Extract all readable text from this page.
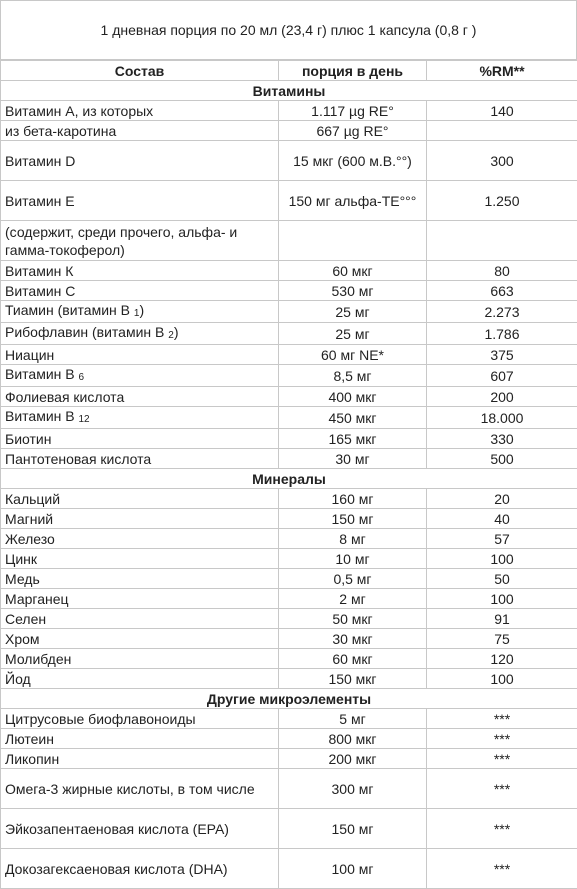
1 дневная порция по 20 мл (23,4 г) плюс 1 капсула (0,8 г )
Состав	порция в день	%RM**
Витамины		
Витамин А, из которых	1.117 µg RE°	140
из бета-каротина	667 µg RE°	
Витамин D	15 мкг (600 м.В.°°)	300
Витамин Е	150 мг альфа-TE°°°	1.250
(содержит, среди прочего, альфа- и гамма-токоферол)		
Витамин К	60 мкг	80
Витамин С	530 мг	663
Тиамин (витамин В $_1$)	25 мг	2.273
Рибофлавин (витамин В $_2$)	25 мг	1.786
Ниацин	60 мг NE*	375
Витамин В $_6$	8,5 мг	607
Фолиевая кислота	400 мкг	200
Витамин В $_{12}$	450 мкг	18.000
Биотин	165 мкг	330
Пантотеновая кислота	30 мг	500
Минералы		
Кальций	160 мг	20
Магний	150 мг	40
Железо	8 мг	57
Цинк	10 мг	100
Медь	0,5 мг	50
Марганец	2 мг	100
Селен	50 мкг	91
Хром	30 мкг	75
Молибден	60 мкг	120
Йод	150 мкг	100
Другие микроэлементы		
Цитрусовые биофлавоноиды	5 мг	***
Лютеин	800 мкг	***
Ликопин	200 мкг	***
Омега-3 жирные кислоты, в том числе	300 мг	***
Эйкозапентаеновая кислота (EPA)	150 мг	***
Докозагексаеновая кислота (DHA)	100 мг	***
